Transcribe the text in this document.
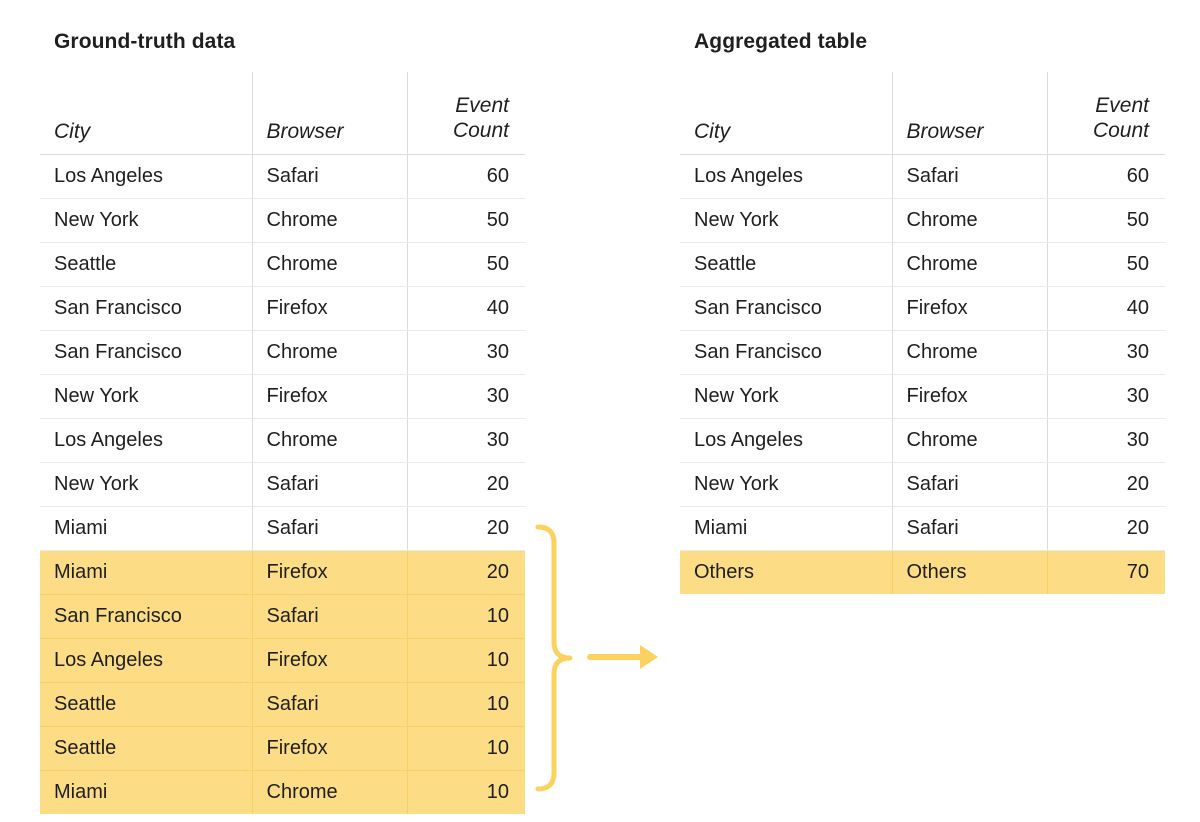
Ground-truth data
City	Browser	Event
Count

Los Angeles	Safari	60
New York	Chrome	50
Seattle	Chrome	50
San Francisco	Firefox	40
San Francisco	Chrome	30
New York	Firefox	30
Los Angeles	Chrome	30
New York	Safari	20
Miami	Safari	20
Miami	Firefox	20
San Francisco	Safari	10
Los Angeles	Firefox	10
Seattle	Safari	10
Seattle	Firefox	10
Miami	Chrome	10
Aggregated table
City	Browser	Event
Count

Los Angeles	Safari	60
New York	Chrome	50
Seattle	Chrome	50
San Francisco	Firefox	40
San Francisco	Chrome	30
New York	Firefox	30
Los Angeles	Chrome	30
New York	Safari	20
Miami	Safari	20
Others	Others	70
